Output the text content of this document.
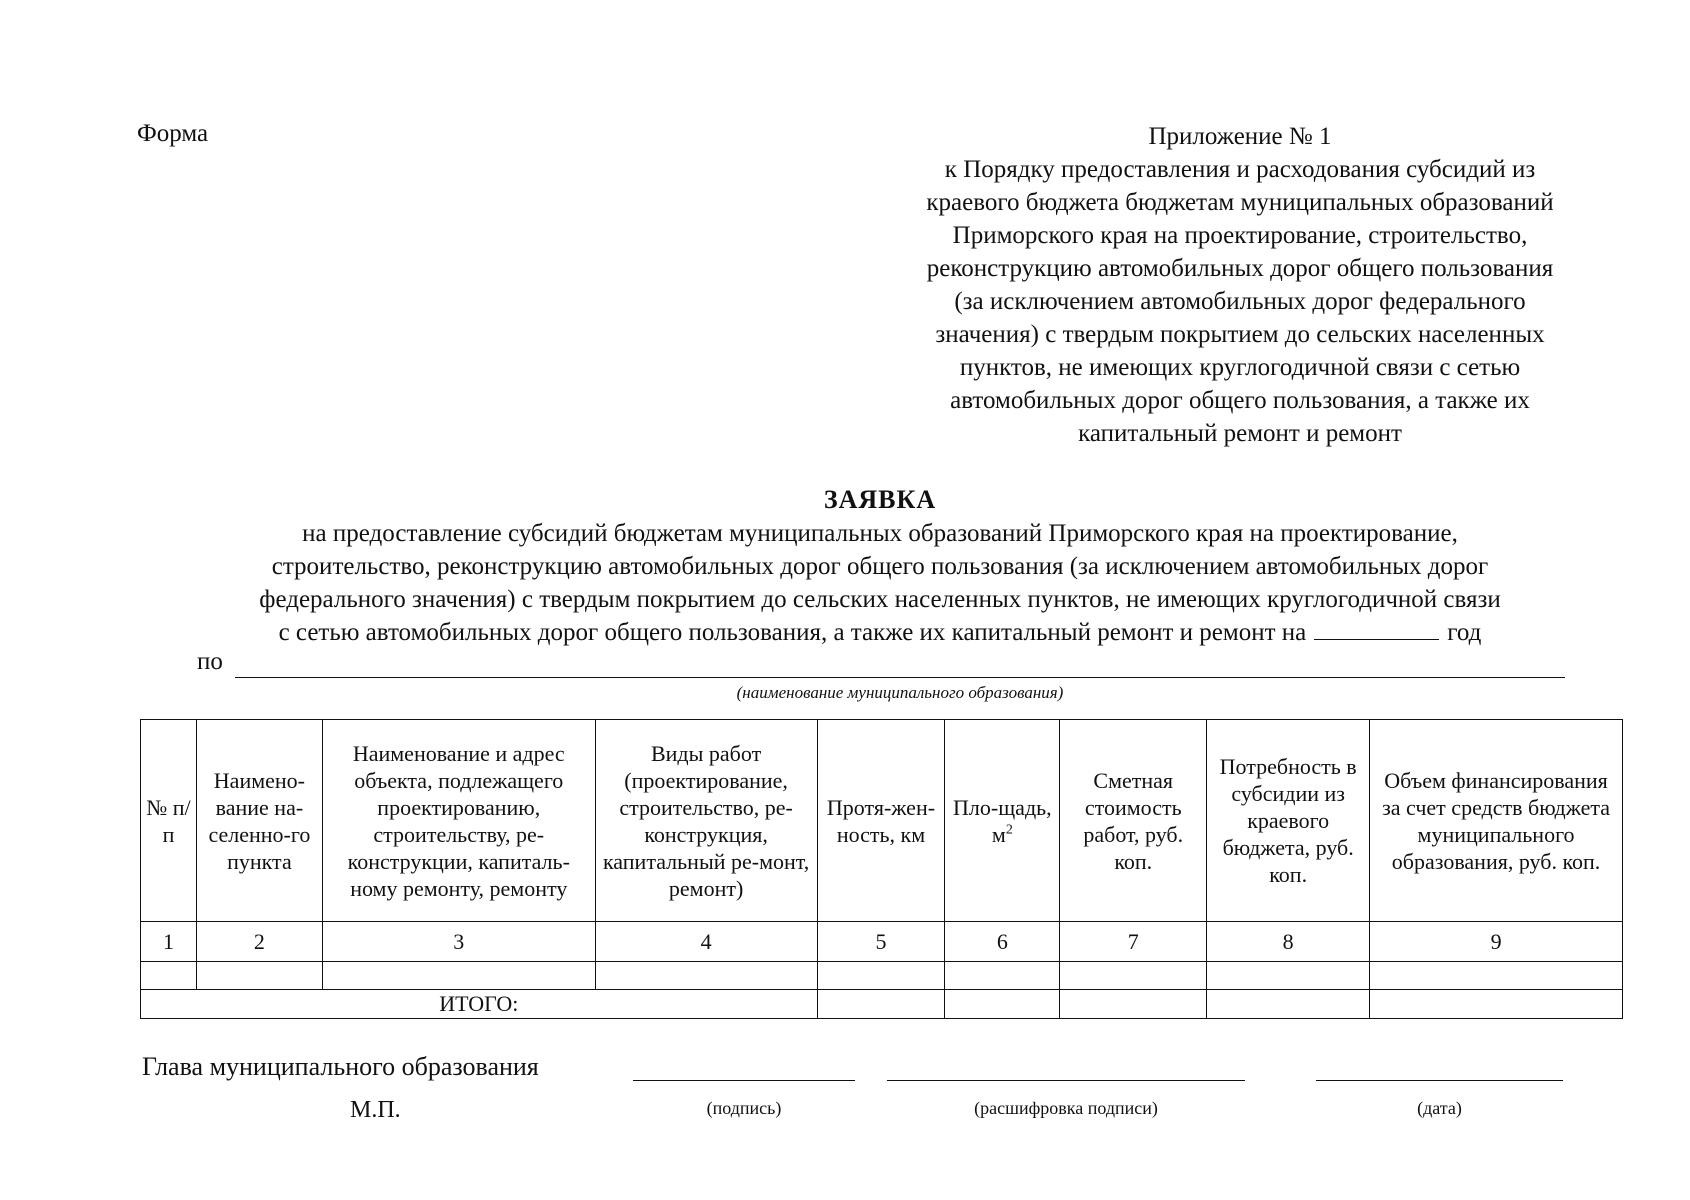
Форма	Приложение № 1
к Порядку предоставления и расходования субсидий из
краевого бюджета бюджетам муниципальных образований
Приморского края на проектирование, строительство,
реконструкцию автомобильных дорог общего пользования
(за исключением автомобильных дорог федерального
значения) с твердым покрытием до сельских населенных
пунктов, не имеющих круглогодичной связи с сетью
автомобильных дорог общего пользования, а также их
капитальный ремонт и ремонт
ЗАЯВКА
на предоставление субсидий бюджетам муниципальных образований Приморского края на проектирование,
строительство, реконструкцию автомобильных дорог общего пользования (за исключением автомобильных дорог
федерального значения) с твердым покрытием до сельских населенных пунктов, не имеющих круглогодичной связи
с сетью автомобильных дорог общего пользования, а также их капитальный ремонт и ремонт на	год
по
(наименование муниципального образования)
№ п/п	Наимено-вание на-селенно-го пункта	Наименование и адрес объекта, подлежащего проектированию, строительству, ре-конструкции, капиталь-ному ремонту, ремонту	Виды работ (проектирование, строительство, ре-конструкция, капитальный ре-монт, ремонт)	Протя-жен-ность, км	Пло-щадь, $м^2$	Сметная стоимость работ, руб. коп.	Потребность в субсидии из краевого бюджета, руб. коп.	Объем финансирования за счет средств бюджета муниципального образования, руб. коп.
1	2	3	4	5	6	7	8	9

ИТОГО:								
Глава муниципального образования
М.П.	(подпись)	(расшифровка подписи)	(дата)
